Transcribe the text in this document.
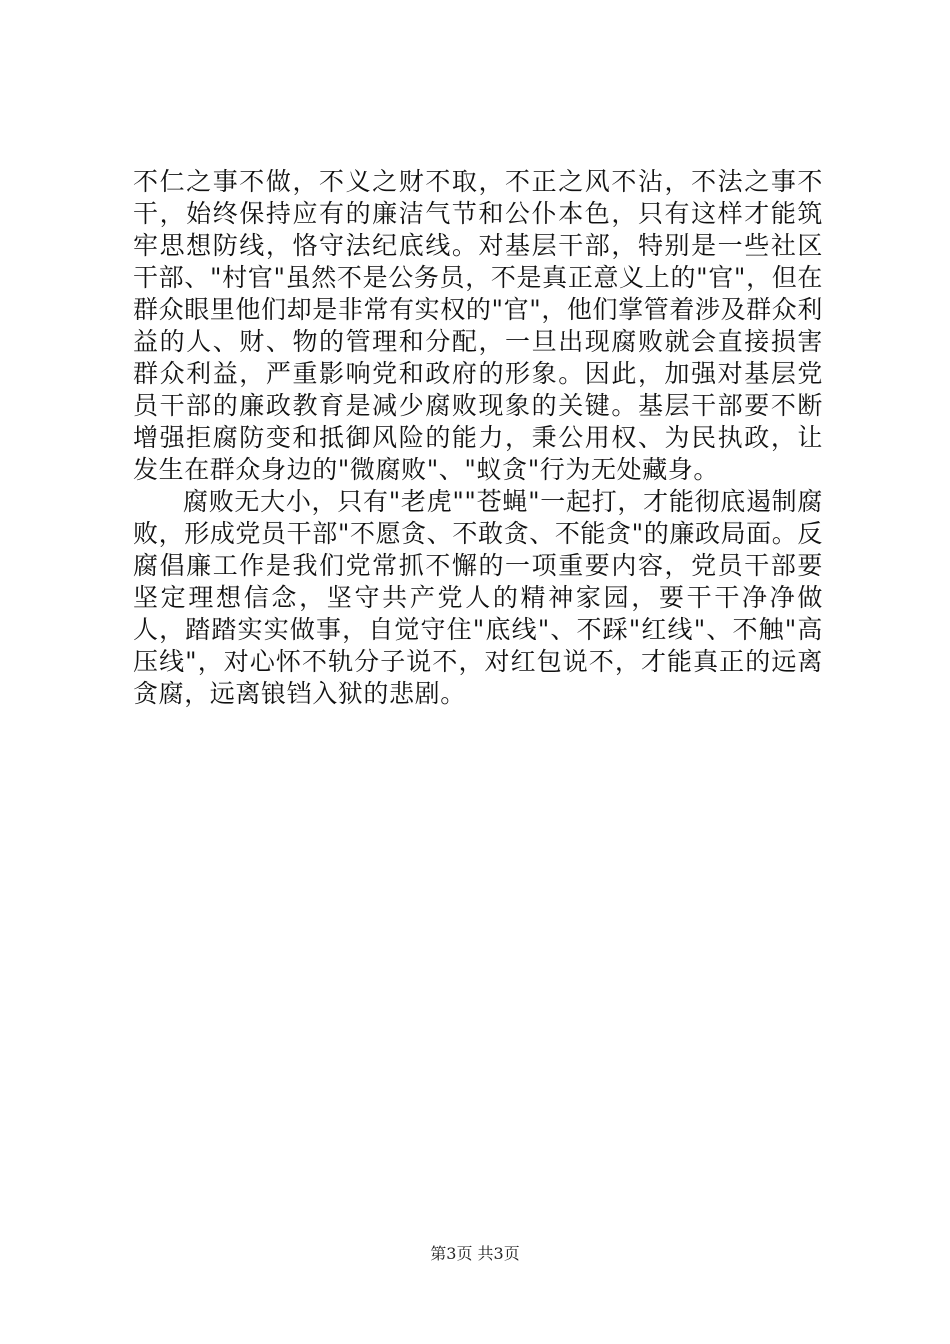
不仁之事不做，不义之财不取，不正之风不沾，不法之事不干，始终保持应有的廉洁气节和公仆本色，只有这样才能筑牢思想防线，恪守法纪底线。对基层干部，特别是一些社区干部、"村官"虽然不是公务员，不是真正意义上的"官"，但在群众眼里他们却是非常有实权的"官"，他们掌管着涉及群众利益的人、财、物的管理和分配，一旦出现腐败就会直接损害群众利益，严重影响党和政府的形象。因此，加强对基层党员干部的廉政教育是减少腐败现象的关键。基层干部要不断增强拒腐防变和抵御风险的能力，秉公用权、为民执政，让发生在群众身边的"微腐败"、"蚁贪"行为无处藏身。

腐败无大小，只有"老虎""苍蝇"一起打，才能彻底遏制腐败，形成党员干部"不愿贪、不敢贪、不能贪"的廉政局面。反腐倡廉工作是我们党常抓不懈的一项重要内容，党员干部要坚定理想信念，坚守共产党人的精神家园，要干干净净做人，踏踏实实做事，自觉守住"底线"、不踩"红线"、不触"高压线"，对心怀不轨分子说不，对红包说不，才能真正的远离贪腐，远离锒铛入狱的悲剧。

第3页 共3页
